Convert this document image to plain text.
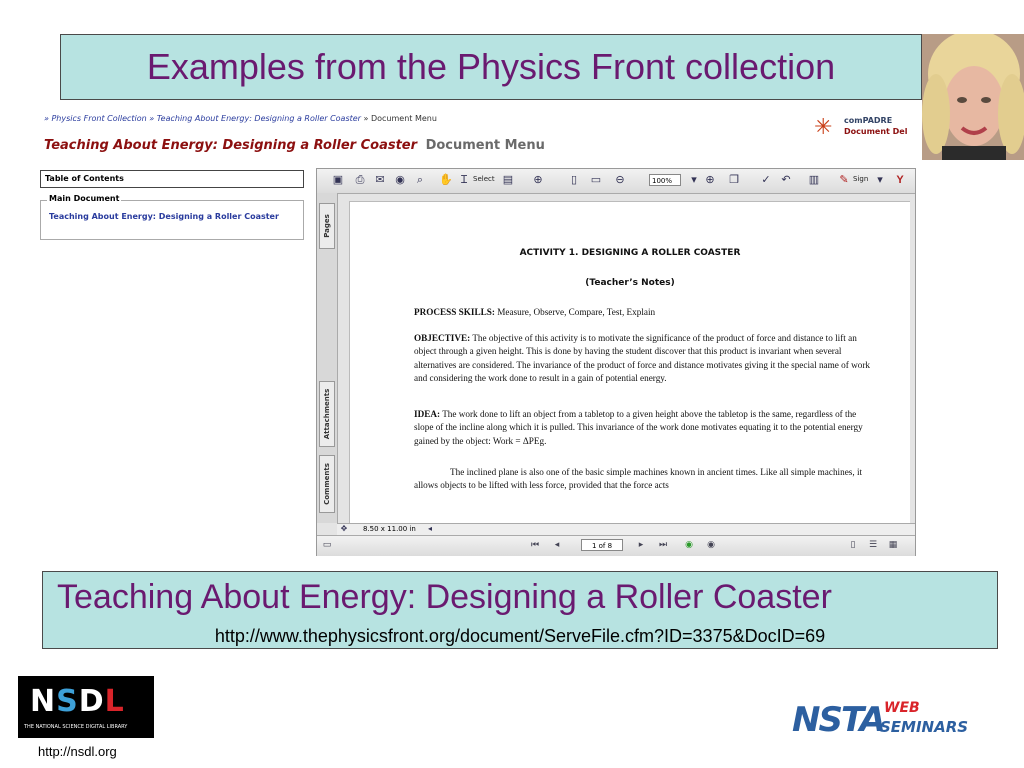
Examples from the Physics Front collection
» Physics Front Collection » Teaching About Energy: Designing a Roller Coaster » Document Menu
Teaching About Energy: Designing a Roller Coaster Document Menu
✳ comPADRE
Document Del
Table of Contents
Main Document
Teaching About Energy: Designing a Roller Coaster
▣ ⎙ ✉ ◉	⌕	✋ Ɪ Select ▤ ⊕	▯	▭ ⊖	100%	▾ ⊕ ❐ ✓ ↶ ▥ ✎ Sign ▾	Y
Pages
Attachments
Comments
ACTIVITY 1. DESIGNING A ROLLER COASTER
(Teacher’s Notes)

PROCESS SKILLS: Measure, Observe, Compare, Test, Explain

OBJECTIVE: The objective of this activity is to motivate the significance of the product of force and distance to lift an object through a given height. This is done by having the student discover that this product is invariant when several alternatives are considered. The invariance of the product of force and distance motivates giving it the special name of work and considering the work done to result in a gain of potential energy.

IDEA: The work done to lift an object from a tabletop to a given height above the tabletop is the same, regardless of the slope of the incline along which it is pulled. This invariance of the work done motivates equating it to the potential energy gained by the object: Work = ΔPEg.

The inclined plane is also one of the basic simple machines known in ancient times. Like all simple machines, it allows objects to be lifted with less force, provided that the force acts

✥ 8.50 x 11.00 in	◂
▭	⏮	◂	1 of 8	▸	⏭ ◉ ◉	▯	☰ ▦
Teaching About Energy: Designing a Roller Coaster
http://www.thephysicsfront.org/document/ServeFile.cfm?ID=3375&DocID=69
NSDL
THE NATIONAL SCIENCE DIGITAL LIBRARY
http://nsdl.org
NSTA WEB
SEMINARS
